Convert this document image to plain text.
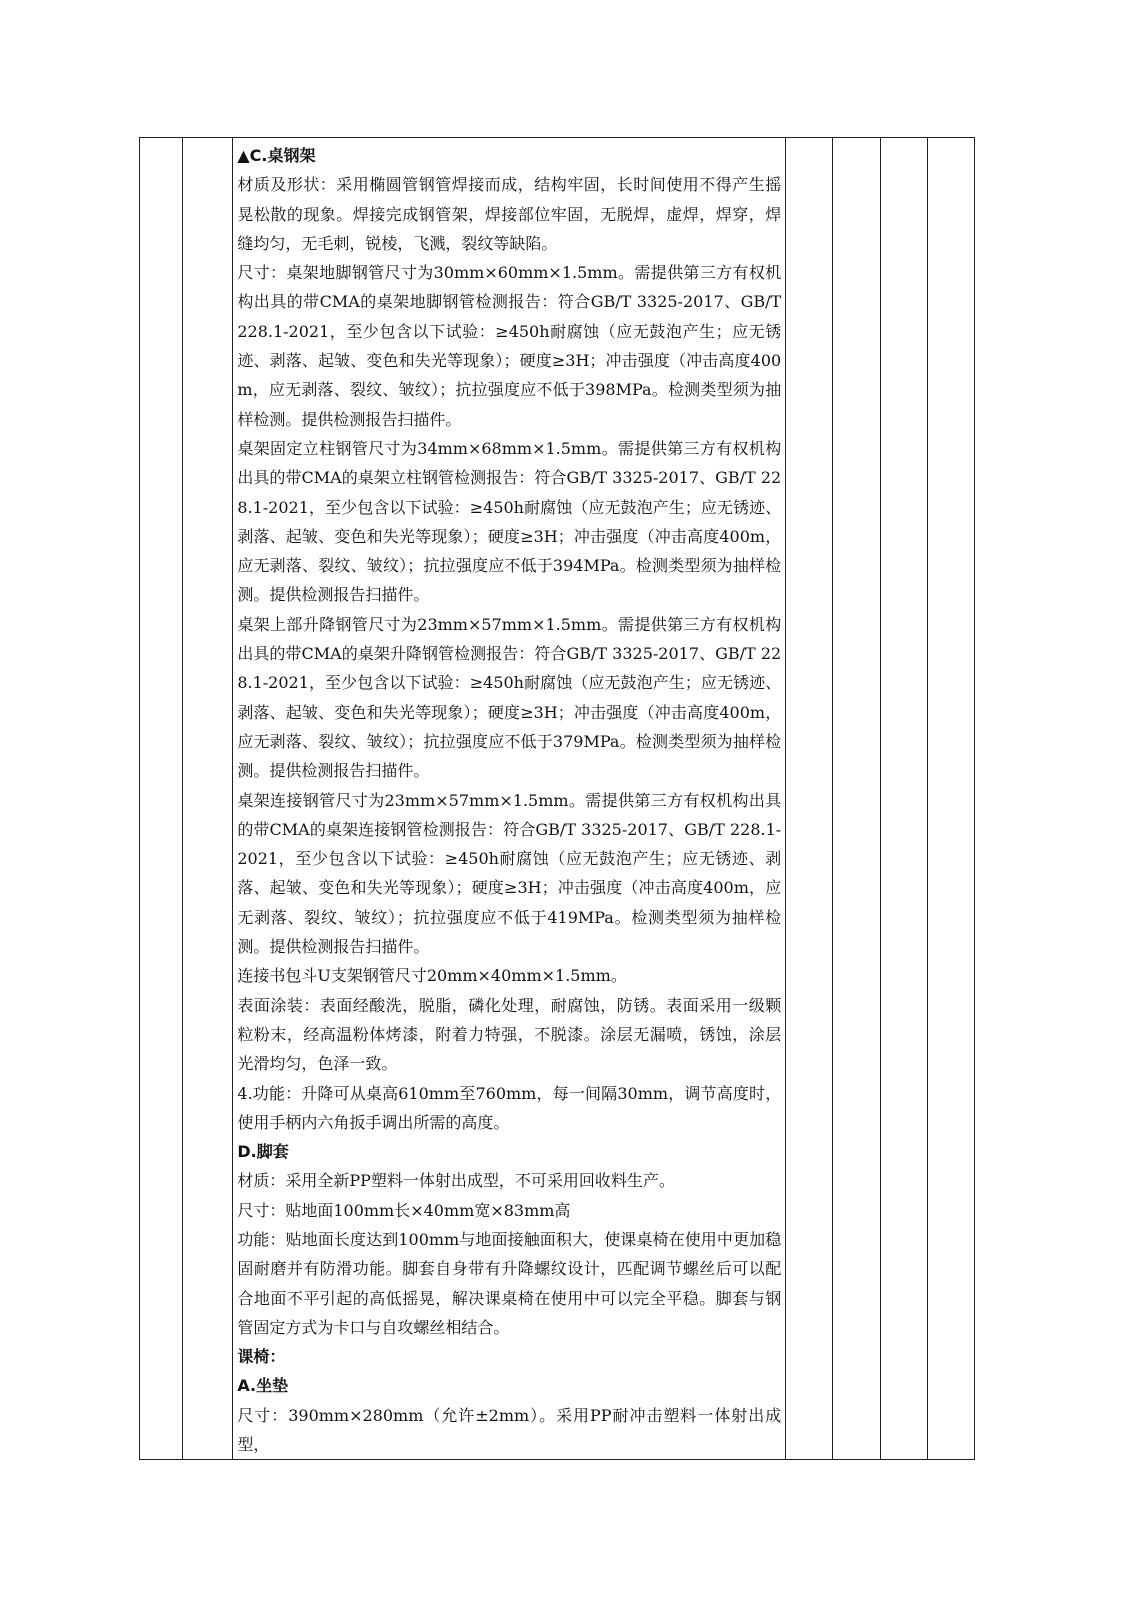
▲C.桌钢架

材质及形状：采用椭圆管钢管焊接而成，结构牢固，长时间使用不得产生摇晃松散的现象。焊接完成钢管架，焊接部位牢固，无脱焊，虚焊，焊穿，焊缝均匀，无毛刺，锐棱，飞溅，裂纹等缺陷。

尺寸：桌架地脚钢管尺寸为30mm×60mm×1.5mm。需提供第三方有权机构出具的带CMA的桌架地脚钢管检测报告：符合GB/T 3325-2017、GB/T 228.1-2021，至少包含以下试验：≥450h耐腐蚀（应无鼓泡产生；应无锈迹、剥落、起皱、变色和失光等现象）；硬度≥3H；冲击强度（冲击高度400m，应无剥落、裂纹、皱纹）；抗拉强度应不低于398MPa。检测类型须为抽样检测。提供检测报告扫描件。

桌架固定立柱钢管尺寸为34mm×68mm×1.5mm。需提供第三方有权机构出具的带CMA的桌架立柱钢管检测报告：符合GB/T 3325-2017、GB/T 228.1-2021，至少包含以下试验：≥450h耐腐蚀（应无鼓泡产生；应无锈迹、剥落、起皱、变色和失光等现象）；硬度≥3H；冲击强度（冲击高度400m，应无剥落、裂纹、皱纹）；抗拉强度应不低于394MPa。检测类型须为抽样检测。提供检测报告扫描件。

桌架上部升降钢管尺寸为23mm×57mm×1.5mm。需提供第三方有权机构出具的带CMA的桌架升降钢管检测报告：符合GB/T 3325-2017、GB/T 228.1-2021，至少包含以下试验：≥450h耐腐蚀（应无鼓泡产生；应无锈迹、剥落、起皱、变色和失光等现象）；硬度≥3H；冲击强度（冲击高度400m，应无剥落、裂纹、皱纹）；抗拉强度应不低于379MPa。检测类型须为抽样检测。提供检测报告扫描件。

桌架连接钢管尺寸为23mm×57mm×1.5mm。需提供第三方有权机构出具的带CMA的桌架连接钢管检测报告：符合GB/T 3325-2017、GB/T 228.1-2021，至少包含以下试验：≥450h耐腐蚀（应无鼓泡产生；应无锈迹、剥落、起皱、变色和失光等现象）；硬度≥3H；冲击强度（冲击高度400m，应无剥落、裂纹、皱纹）；抗拉强度应不低于419MPa。检测类型须为抽样检测。提供检测报告扫描件。

连接书包斗U支架钢管尺寸20mm×40mm×1.5mm。

表面涂装：表面经酸洗，脱脂，磷化处理，耐腐蚀，防锈。表面采用一级颗粒粉末，经高温粉体烤漆，附着力特强，不脱漆。涂层无漏喷，锈蚀，涂层光滑均匀，色泽一致。

4.功能：升降可从桌高610mm至760mm，每一间隔30mm，调节高度时，使用手柄内六角扳手调出所需的高度。

D.脚套

材质：采用全新PP塑料一体射出成型，不可采用回收料生产。

尺寸：贴地面100mm长×40mm宽×83mm高

功能：贴地面长度达到100mm与地面接触面积大，使课桌椅在使用中更加稳固耐磨并有防滑功能。脚套自身带有升降螺纹设计，匹配调节螺丝后可以配合地面不平引起的高低摇晃，解决课桌椅在使用中可以完全平稳。脚套与钢管固定方式为卡口与自攻螺丝相结合。

课椅：

A.坐垫

尺寸：390mm×280mm（允许±2mm）。采用PP耐冲击塑料一体射出成型，
